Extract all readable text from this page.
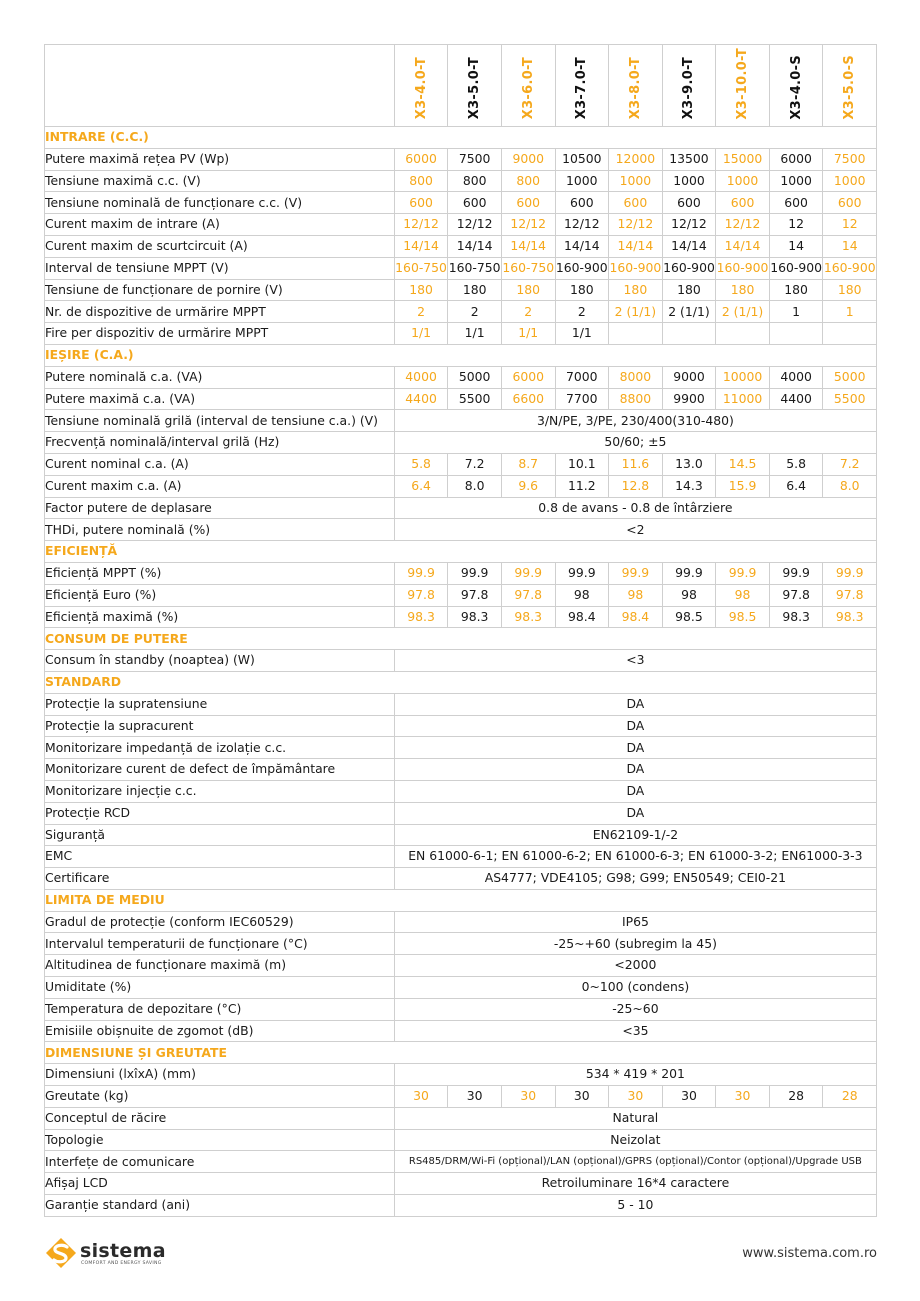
	X3-4.0-T	X3-5.0-T	X3-6.0-T	X3-7.0-T	X3-8.0-T	X3-9.0-T	X3-10.0-T	X3-4.0-S	X3-5.0-S
INTRARE (C.C.)									
Putere maximă rețea PV (Wp)	6000	7500	9000	10500	12000	13500	15000	6000	7500
Tensiune maximă c.c. (V)	800	800	800	1000	1000	1000	1000	1000	1000
Tensiune nominală de funcționare c.c. (V)	600	600	600	600	600	600	600	600	600
Curent maxim de intrare (A)	12/12	12/12	12/12	12/12	12/12	12/12	12/12	12	12
Curent maxim de scurtcircuit (A)	14/14	14/14	14/14	14/14	14/14	14/14	14/14	14	14
Interval de tensiune MPPT (V)	160-750	160-750	160-750	160-900	160-900	160-900	160-900	160-900	160-900
Tensiune de funcționare de pornire (V)	180	180	180	180	180	180	180	180	180
Nr. de dispozitive de urmărire MPPT	2	2	2	2	2 (1/1)	2 (1/1)	2 (1/1)	1	1
Fire per dispozitiv de urmărire MPPT	1/1	1/1	1/1	1/1					
IEȘIRE (C.A.)									
Putere nominală c.a. (VA)	4000	5000	6000	7000	8000	9000	10000	4000	5000
Putere maximă c.a. (VA)	4400	5500	6600	7700	8800	9900	11000	4400	5500
Tensiune nominală grilă (interval de tensiune c.a.) (V)	3/N/PE, 3/PE, 230/400(310-480)								
Frecvență nominală/interval grilă (Hz)	50/60; ±5								
Curent nominal c.a. (A)	5.8	7.2	8.7	10.1	11.6	13.0	14.5	5.8	7.2
Curent maxim c.a. (A)	6.4	8.0	9.6	11.2	12.8	14.3	15.9	6.4	8.0
Factor putere de deplasare	0.8 de avans - 0.8 de întârziere								
THDi, putere nominală (%)	<2								
EFICIENȚĂ									
Eficiență MPPT (%)	99.9	99.9	99.9	99.9	99.9	99.9	99.9	99.9	99.9
Eficiență Euro (%)	97.8	97.8	97.8	98	98	98	98	97.8	97.8
Eficiență maximă (%)	98.3	98.3	98.3	98.4	98.4	98.5	98.5	98.3	98.3
CONSUM DE PUTERE									
Consum în standby (noaptea) (W)	<3								
STANDARD									
Protecție la supratensiune	DA								
Protecție la supracurent	DA								
Monitorizare impedanță de izolație c.c.	DA								
Monitorizare curent de defect de împământare	DA								
Monitorizare injecție c.c.	DA								
Protecție RCD	DA								
Siguranță	EN62109-1/-2								
EMC	EN 61000-6-1; EN 61000-6-2; EN 61000-6-3; EN 61000-3-2; EN61000-3-3								
Certificare	AS4777; VDE4105; G98; G99; EN50549; CEI0-21								
LIMITA DE MEDIU									
Gradul de protecție (conform IEC60529)	IP65								
Intervalul temperaturii de funcționare (°C)	-25~+60 (subregim la 45)								
Altitudinea de funcționare maximă (m)	<2000								
Umiditate (%)	0~100 (condens)								
Temperatura de depozitare (°C)	-25~60								
Emisiile obișnuite de zgomot (dB)	<35								
DIMENSIUNE ȘI GREUTATE									
Dimensiuni (lxîxA) (mm)	534 * 419 * 201								
Greutate (kg)	30	30	30	30	30	30	30	28	28
Conceptul de răcire	Natural								
Topologie	Neizolat								
Interfețe de comunicare	RS485/DRM/Wi-Fi (opțional)/LAN (opțional)/GPRS (opțional)/Contor (opțional)/Upgrade USB								
Afișaj LCD	Retroiluminare 16*4 caractere								
Garanție standard (ani)	5 - 10								
sistema
COMFORT AND ENERGY SAVING
www.sistema.com.ro
